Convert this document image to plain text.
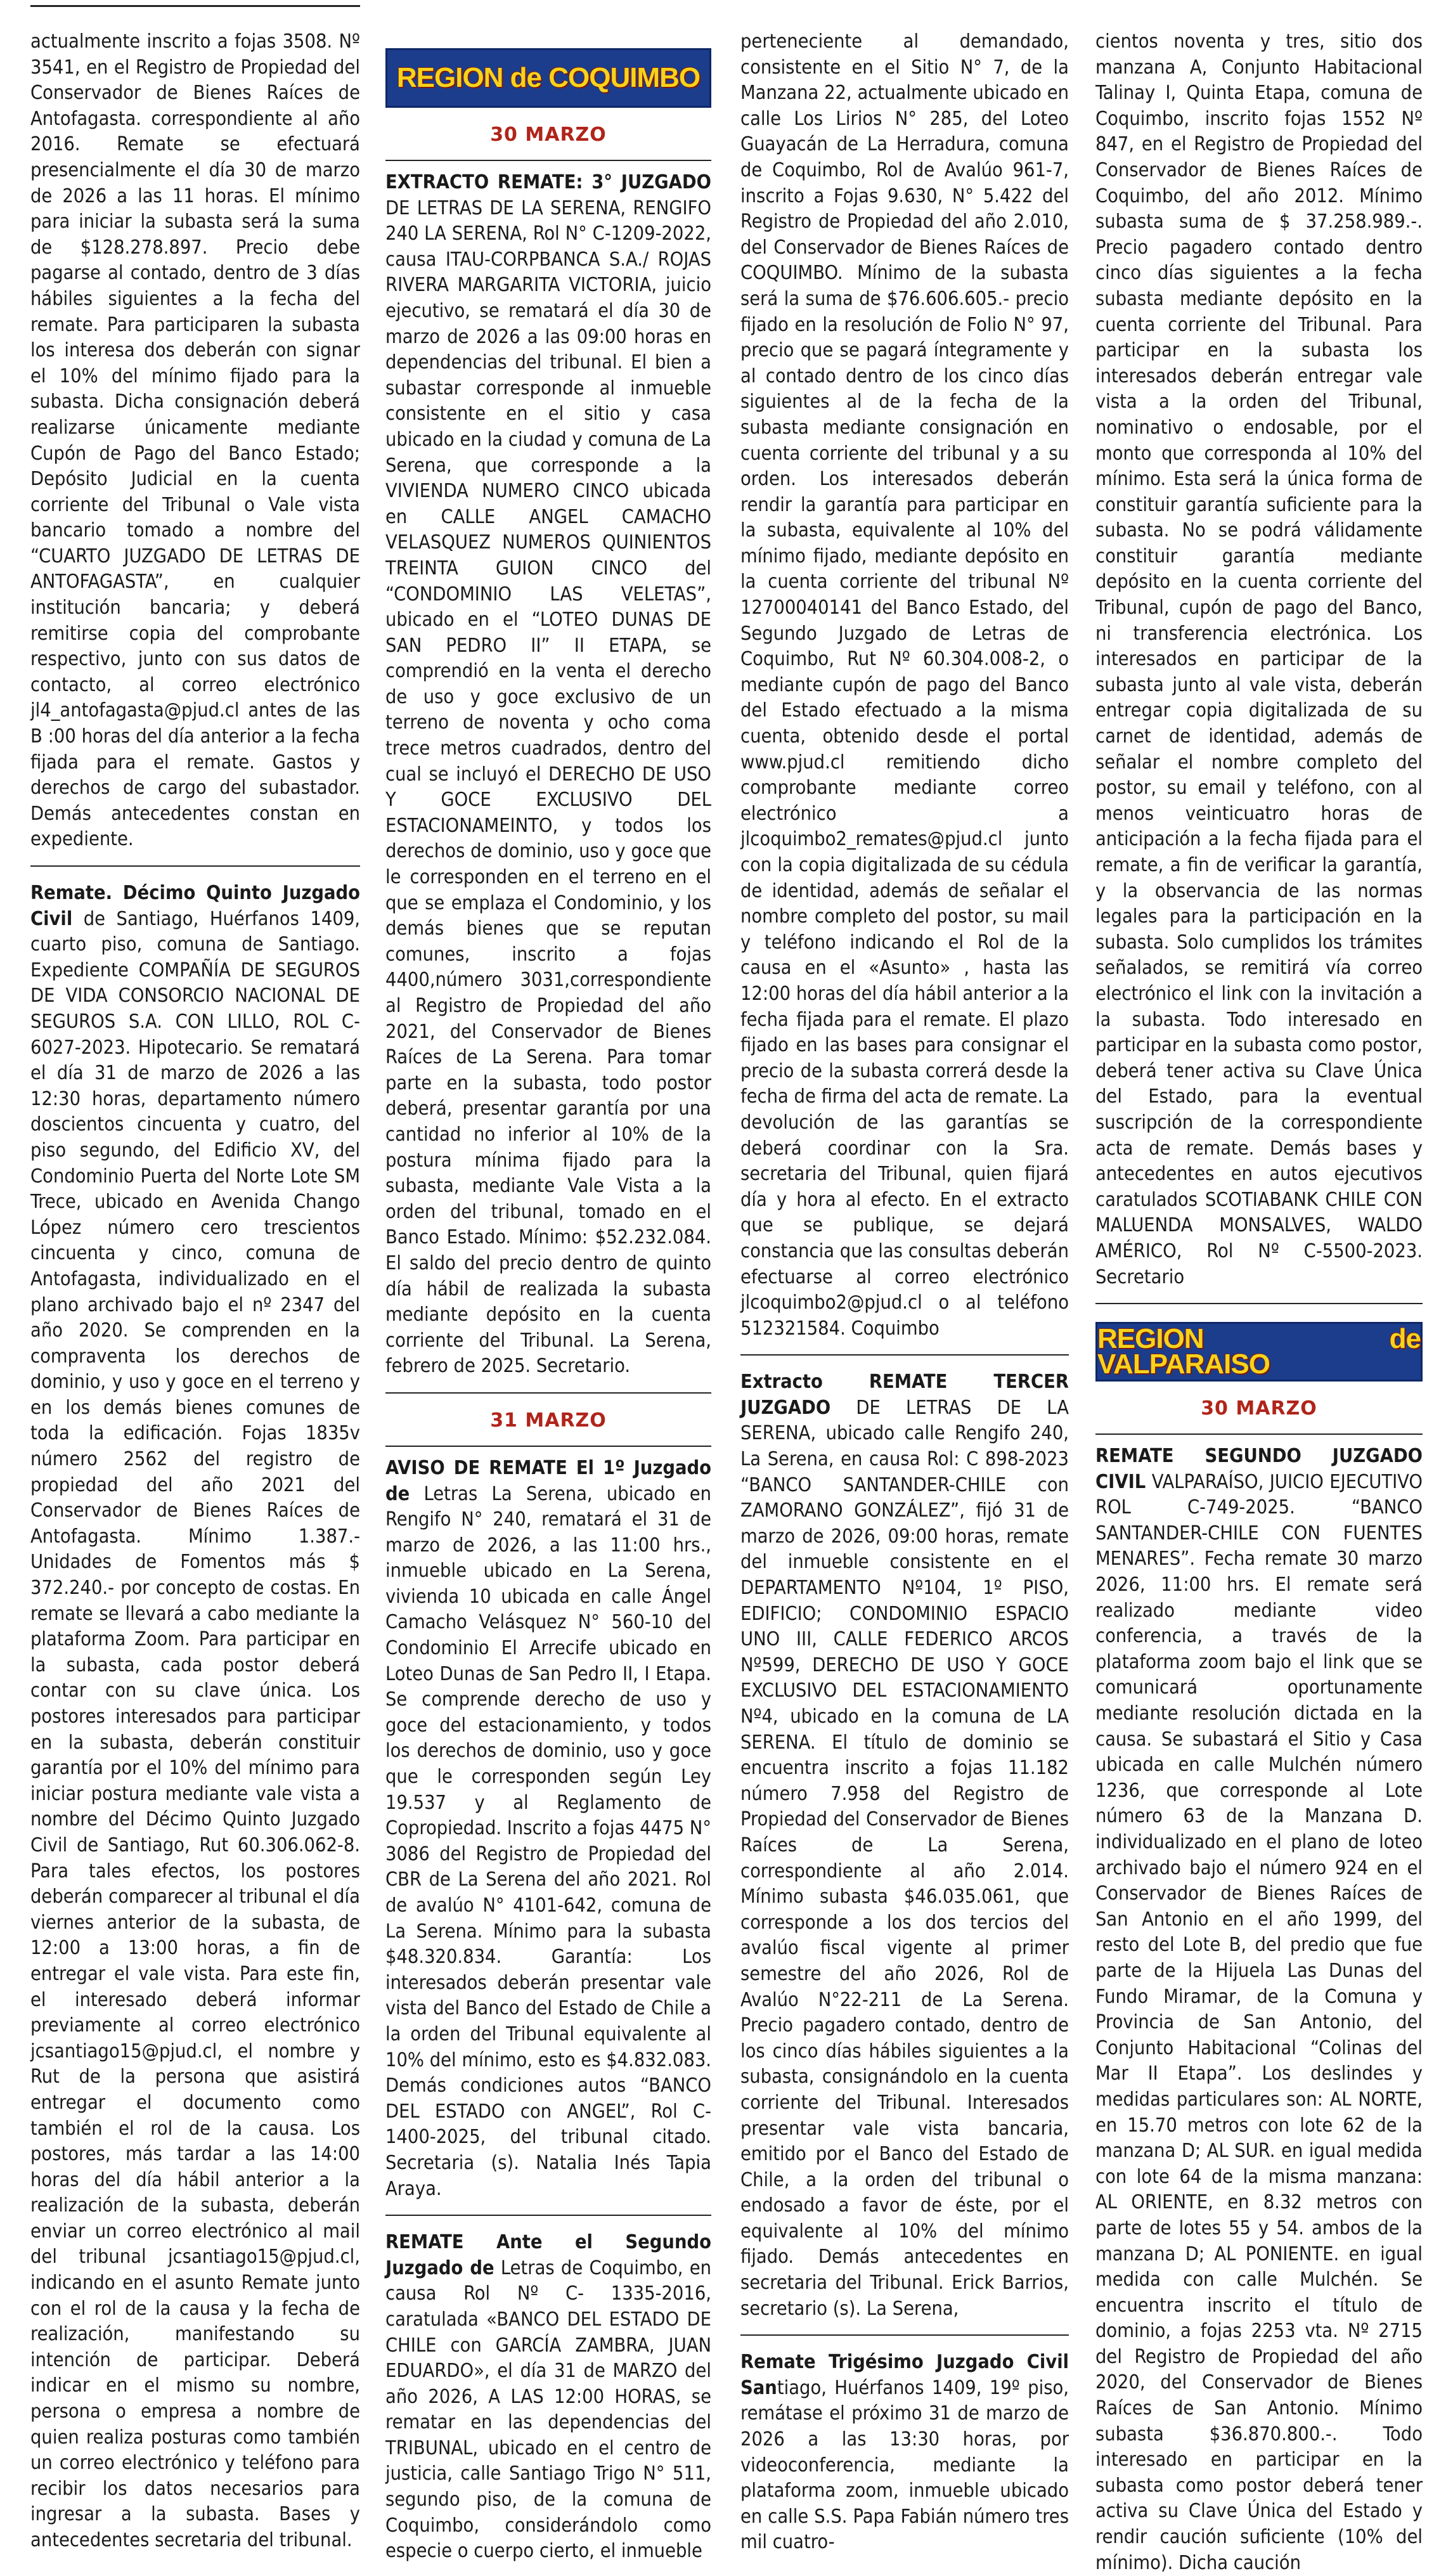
actualmente inscrito a fojas 3508. Nº 3541, en el Registro de Propiedad del Conservador de Bienes Raíces de Antofagasta. correspondiente al año 2016. Remate se efectuará presencialmente el día 30 de marzo de 2026 a las 11 horas. El mínimo para iniciar la subasta será la suma de $128.278.897. Precio debe pagarse al contado, dentro de 3 días hábiles siguientes a la fecha del remate. Para participaren la subasta los interesa dos deberán con signar el 10% del mínimo fijado para la subasta. Dicha consignación deberá realizarse únicamente mediante Cupón de Pago del Banco Estado; Depósito Judicial en la cuenta corriente del Tribunal o Vale vista bancario tomado a nombre del “CUARTO JUZGADO DE LETRAS DE ANTOFAGASTA”, en cualquier institución bancaria; y deberá remitirse copia del comprobante respectivo, junto con sus datos de contacto, al correo electrónico jl4_antofagasta@pjud.cl antes de las B :00 horas del día anterior a la fecha fijada para el remate. Gastos y derechos de cargo del subastador. Demás antecedentes constan en expediente.

Remate. Décimo Quinto Juzgado Civil de Santiago, Huérfanos 1409, cuarto piso, comuna de Santiago. Expediente COMPAÑÍA DE SEGUROS DE VIDA CONSORCIO NACIONAL DE SEGUROS S.A. CON LILLO, ROL C-6027-2023. Hipotecario. Se rematará el día 31 de marzo de 2026 a las 12:30 horas, departamento número doscientos cincuenta y cuatro, del piso segundo, del Edificio XV, del Condominio Puerta del Norte Lote SM Trece, ubicado en Avenida Chango López número cero trescientos cincuenta y cinco, comuna de Antofagasta, individualizado en el plano archivado bajo el nº 2347 del año 2020. Se comprenden en la compraventa los derechos de dominio, y uso y goce en el terreno y en los demás bienes comunes de toda la edificación. Fojas 1835v número 2562 del registro de propiedad del año 2021 del Conservador de Bienes Raíces de Antofagasta. Mínimo 1.387.- Unidades de Fomentos más $ 372.240.- por concepto de costas. En remate se llevará a cabo mediante la plataforma Zoom. Para participar en la subasta, cada postor deberá contar con su clave única. Los postores interesados para participar en la subasta, deberán constituir garantía por el 10% del mínimo para iniciar postura mediante vale vista a nombre del Décimo Quinto Juzgado Civil de Santiago, Rut 60.306.062-8. Para tales efectos, los postores deberán comparecer al tribunal el día viernes anterior de la subasta, de 12:00 a 13:00 horas, a fin de entregar el vale vista. Para este fin, el interesado deberá informar previamente al correo electrónico jcsantiago15@pjud.cl, el nombre y Rut de la persona que asistirá entregar el documento como también el rol de la causa. Los postores, más tardar a las 14:00 horas del día hábil anterior a la realización de la subasta, deberán enviar un correo electrónico al mail del tribunal jcsantiago15@pjud.cl, indicando en el asunto Remate junto con el rol de la causa y la fecha de realización, manifestando su intención de participar. Deberá indicar en el mismo su nombre, persona o empresa a nombre de quien realiza posturas como también un correo electrónico y teléfono para recibir los datos necesarios para ingresar a la subasta. Bases y antecedentes secretaria del tribunal.

REGION de COQUIMBO
30 MARZO

EXTRACTO REMATE: 3° JUZGADO DE LETRAS DE LA SERENA, RENGIFO 240 LA SERENA, Rol N° C-1209-2022, causa ITAU-CORPBANCA S.A./ ROJAS RIVERA MARGARITA VICTORIA, juicio ejecutivo, se rematará el día 30 de marzo de 2026 a las 09:00 horas en dependencias del tribunal. El bien a subastar corresponde al inmueble consistente en el sitio y casa ubicado en la ciudad y comuna de La Serena, que corresponde a la VIVIENDA NUMERO CINCO ubicada en CALLE ANGEL CAMACHO VELASQUEZ NUMEROS QUINIENTOS TREINTA GUION CINCO del “CONDOMINIO LAS VELETAS”, ubicado en el “LOTEO DUNAS DE SAN PEDRO II” II ETAPA, se comprendió en la venta el derecho de uso y goce exclusivo de un terreno de noventa y ocho coma trece metros cuadrados, dentro del cual se incluyó el DERECHO DE USO Y GOCE EXCLUSIVO DEL ESTACIONAMEINTO, y todos los derechos de dominio, uso y goce que le corresponden en el terreno en el que se emplaza el Condominio, y los demás bienes que se reputan comunes, inscrito a fojas 4400,número 3031,correspondiente al Registro de Propiedad del año 2021, del Conservador de Bienes Raíces de La Serena. Para tomar parte en la subasta, todo postor deberá, presentar garantía por una cantidad no inferior al 10% de la postura mínima fijado para la subasta, mediante Vale Vista a la orden del tribunal, tomado en el Banco Estado. Mínimo: $52.232.084. El saldo del precio dentro de quinto día hábil de realizada la subasta mediante depósito en la cuenta corriente del Tribunal. La Serena, febrero de 2025. Secretario.

31 MARZO

AVISO DE REMATE El 1º Juzgado de Letras La Serena, ubicado en Rengifo N° 240, rematará el 31 de marzo de 2026, a las 11:00 hrs., inmueble ubicado en La Serena, vivienda 10 ubicada en calle Ángel Camacho Velásquez N° 560-10 del Condominio El Arrecife ubicado en Loteo Dunas de San Pedro II, I Etapa. Se comprende derecho de uso y goce del estacionamiento, y todos los derechos de dominio, uso y goce que le corresponden según Ley 19.537 y al Reglamento de Copropiedad. Inscrito a fojas 4475 N° 3086 del Registro de Propiedad del CBR de La Serena del año 2021. Rol de avalúo N° 4101-642, comuna de La Serena. Mínimo para la subasta $48.320.834. Garantía: Los interesados deberán presentar vale vista del Banco del Estado de Chile a la orden del Tribunal equivalente al 10% del mínimo, esto es $4.832.083. Demás condiciones autos “BANCO DEL ESTADO con ANGEL”, Rol C-1400-2025, del tribunal citado. Secretaria (s). Natalia Inés Tapia Araya.

REMATE Ante el Segundo Juzgado de Letras de Coquimbo, en causa Rol Nº C- 1335-2016, caratulada «BANCO DEL ESTADO DE CHILE con GARCÍA ZAMBRA, JUAN EDUARDO», el día 31 de MARZO del año 2026, A LAS 12:00 HORAS, se rematar en las dependencias del TRIBUNAL, ubicado en el centro de justicia, calle Santiago Trigo N° 511, segundo piso, de la comuna de Coquimbo, considerándolo como especie o cuerpo cierto, el inmueble

perteneciente al demandado, consistente en el Sitio N° 7, de la Manzana 22, actualmente ubicado en calle Los Lirios N° 285, del Loteo Guayacán de La Herradura, comuna de Coquimbo, Rol de Avalúo 961-7, inscrito a Fojas 9.630, N° 5.422 del Registro de Propiedad del año 2.010, del Conservador de Bienes Raíces de COQUIMBO. Mínimo de la subasta será la suma de $76.606.605.- precio fijado en la resolución de Folio N° 97, precio que se pagará íntegramente y al contado dentro de los cinco días siguientes al de la fecha de la subasta mediante consignación en cuenta corriente del tribunal y a su orden. Los interesados deberán rendir la garantía para participar en la subasta, equivalente al 10% del mínimo fijado, mediante depósito en la cuenta corriente del tribunal Nº 12700040141 del Banco Estado, del Segundo Juzgado de Letras de Coquimbo, Rut Nº 60.304.008-2, o mediante cupón de pago del Banco del Estado efectuado a la misma cuenta, obtenido desde el portal www.pjud.cl remitiendo dicho comprobante mediante correo electrónico a jlcoquimbo2_remates@pjud.cl junto con la copia digitalizada de su cédula de identidad, además de señalar el nombre completo del postor, su mail y teléfono indicando el Rol de la causa en el «Asunto» , hasta las 12:00 horas del día hábil anterior a la fecha fijada para el remate. El plazo fijado en las bases para consignar el precio de la subasta correrá desde la fecha de firma del acta de remate. La devolución de las garantías se deberá coordinar con la Sra. secretaria del Tribunal, quien fijará día y hora al efecto. En el extracto que se publique, se dejará constancia que las consultas deberán efectuarse al correo electrónico jlcoquimbo2@pjud.cl o al teléfono 512321584. Coquimbo

Extracto REMATE TERCER JUZGADO DE LETRAS DE LA SERENA, ubicado calle Rengifo 240, La Serena, en causa Rol: C 898-2023 “BANCO SANTANDER-CHILE con ZAMORANO GONZÁLEZ”, fijó 31 de marzo de 2026, 09:00 horas, remate del inmueble consistente en el DEPARTAMENTO Nº104, 1º PISO, EDIFICIO; CONDOMINIO ESPACIO UNO III, CALLE FEDERICO ARCOS Nº599, DERECHO DE USO Y GOCE EXCLUSIVO DEL ESTACIONAMIENTO Nº4, ubicado en la comuna de LA SERENA. El título de dominio se encuentra inscrito a fojas 11.182 número 7.958 del Registro de Propiedad del Conservador de Bienes Raíces de La Serena, correspondiente al año 2.014. Mínimo subasta $46.035.061, que corresponde a los dos tercios del avalúo fiscal vigente al primer semestre del año 2026, Rol de Avalúo N°22-211 de La Serena. Precio pagadero contado, dentro de los cinco días hábiles siguientes a la subasta, consignándolo en la cuenta corriente del Tribunal. Interesados presentar vale vista bancaria, emitido por el Banco del Estado de Chile, a la orden del tribunal o endosado a favor de éste, por el equivalente al 10% del mínimo fijado. Demás antecedentes en secretaria del Tribunal. Erick Barrios, secretario (s). La Serena,

Remate Trigésimo Juzgado Civil Santiago, Huérfanos 1409, 19º piso, remátase el próximo 31 de marzo de 2026 a las 13:30 horas, por videoconferencia, mediante la plataforma zoom, inmueble ubicado en calle S.S. Papa Fabián número tres mil cuatro-

cientos noventa y tres, sitio dos manzana A, Conjunto Habitacional Talinay I, Quinta Etapa, comuna de Coquimbo, inscrito fojas 1552 Nº 847, en el Registro de Propiedad del Conservador de Bienes Raíces de Coquimbo, del año 2012. Mínimo subasta suma de $ 37.258.989.-. Precio pagadero contado dentro cinco días siguientes a la fecha subasta mediante depósito en la cuenta corriente del Tribunal. Para participar en la subasta los interesados deberán entregar vale vista a la orden del Tribunal, nominativo o endosable, por el monto que corresponda al 10% del mínimo. Esta será la única forma de constituir garantía suficiente para la subasta. No se podrá válidamente constituir garantía mediante depósito en la cuenta corriente del Tribunal, cupón de pago del Banco, ni transferencia electrónica. Los interesados en participar de la subasta junto al vale vista, deberán entregar copia digitalizada de su carnet de identidad, además de señalar el nombre completo del postor, su email y teléfono, con al menos veinticuatro horas de anticipación a la fecha fijada para el remate, a fin de verificar la garantía, y la observancia de las normas legales para la participación en la subasta. Solo cumplidos los trámites señalados, se remitirá vía correo electrónico el link con la invitación a la subasta. Todo interesado en participar en la subasta como postor, deberá tener activa su Clave Única del Estado, para la eventual suscripción de la correspondiente acta de remate. Demás bases y antecedentes en autos ejecutivos caratulados SCOTIABANK CHILE CON MALUENDA MONSALVES, WALDO AMÉRICO, Rol Nº C-5500-2023. Secretario

REGION de VALPARAISO
30 MARZO

REMATE SEGUNDO JUZGADO CIVIL VALPARAÍSO, JUICIO EJECUTIVO ROL C-749-2025. “BANCO SANTANDER-CHILE CON FUENTES MENARES”. Fecha remate 30 marzo 2026, 11:00 hrs. El remate será realizado mediante video conferencia, a través de la plataforma zoom bajo el link que se comunicará oportunamente mediante resolución dictada en la causa. Se subastará el Sitio y Casa ubicada en calle Mulchén número 1236, que corresponde al Lote número 63 de la Manzana D. individualizado en el plano de loteo archivado bajo el número 924 en el Conservador de Bienes Raíces de San Antonio en el año 1999, del resto del Lote B, del predio que fue parte de la Hijuela Las Dunas del Fundo Miramar, de la Comuna y Provincia de San Antonio, del Conjunto Habitacional “Colinas del Mar II Etapa”. Los deslindes y medidas particulares son: AL NORTE, en 15.70 metros con lote 62 de la manzana D; AL SUR. en igual medida con lote 64 de la misma manzana: AL ORIENTE, en 8.32 metros con parte de lotes 55 y 54. ambos de la manzana D; AL PONIENTE. en igual medida con calle Mulchén. Se encuentra inscrito el título de dominio, a fojas 2253 vta. Nº 2715 del Registro de Propiedad del año 2020, del Conservador de Bienes Raíces de San Antonio. Mínimo subasta $36.870.800.-. Todo interesado en participar en la subasta como postor deberá tener activa su Clave Única del Estado y rendir caución suficiente (10% del mínimo). Dicha caución
